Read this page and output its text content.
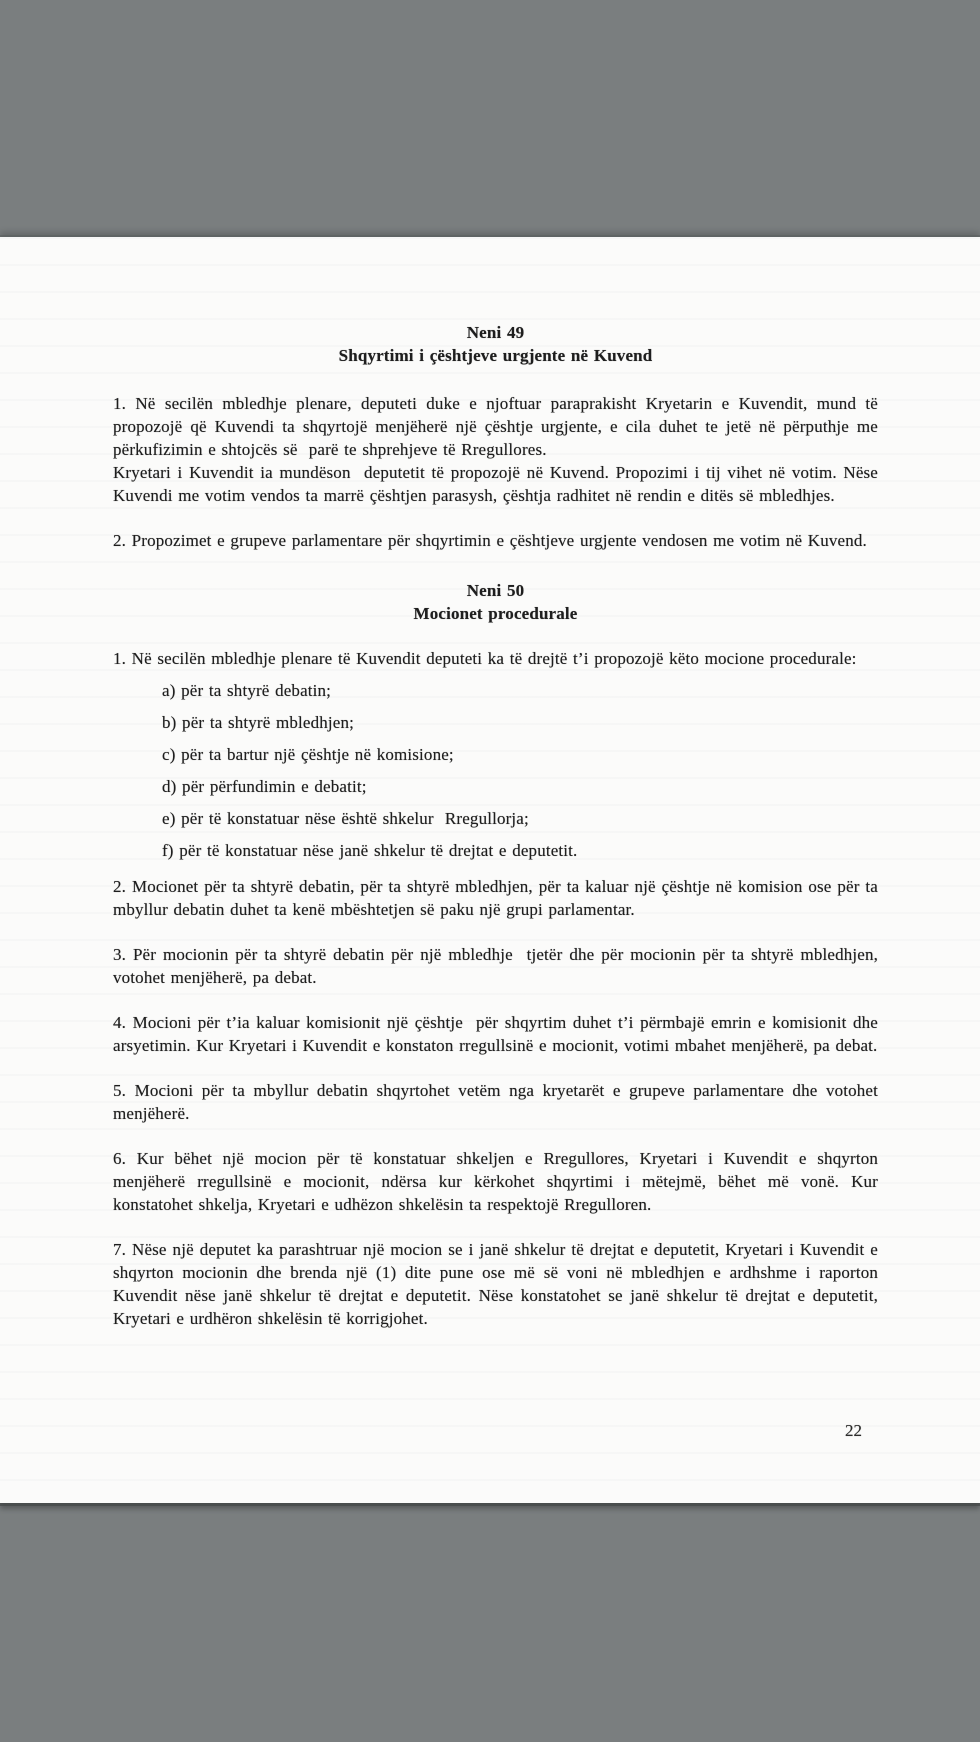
Neni 49
Shqyrtimi i çështjeve urgjente në Kuvend

1. Në secilën mbledhje plenare, deputeti duke e njoftuar paraprakisht Kryetarin e Kuvendit, mund të propozojë që Kuvendi ta shqyrtojë menjëherë një çështje urgjente, e cila duhet te jetë në përputhje me përkufizimin e shtojcës së  parë te shprehjeve të Rregullores.

Kryetari i Kuvendit ia mundëson  deputetit të propozojë në Kuvend. Propozimi i tij vihet në votim. Nëse Kuvendi me votim vendos ta marrë çështjen parasysh, çështja radhitet në rendin e ditës së mbledhjes.

2. Propozimet e grupeve parlamentare për shqyrtimin e çështjeve urgjente vendosen me votim në Kuvend.

Neni 50
Mocionet procedurale

1. Në secilën mbledhje plenare të Kuvendit deputeti ka të drejtë t’i propozojë këto mocione procedurale:

a) për ta shtyrë debatin;

b) për ta shtyrë mbledhjen;

c) për ta bartur një çështje në komisione;

d) për përfundimin e debatit;

e) për të konstatuar nëse është shkelur  Rregullorja;

f) për të konstatuar nëse janë shkelur të drejtat e deputetit.

2. Mocionet për ta shtyrë debatin, për ta shtyrë mbledhjen, për ta kaluar një çështje në komision ose për ta mbyllur debatin duhet ta kenë mbështetjen së paku një grupi parlamentar.

3. Për mocionin për ta shtyrë debatin për një mbledhje  tjetër dhe për mocionin për ta shtyrë mbledhjen, votohet menjëherë, pa debat.

4. Mocioni për t’ia kaluar komisionit një çështje  për shqyrtim duhet t’i përmbajë emrin e komisionit dhe arsyetimin. Kur Kryetari i Kuvendit e konstaton rregullsinë e mocionit, votimi mbahet menjëherë, pa debat.

5. Mocioni për ta mbyllur debatin shqyrtohet vetëm nga kryetarët e grupeve parlamentare dhe votohet menjëherë.

6. Kur bëhet një mocion për të konstatuar shkeljen e Rregullores, Kryetari i Kuvendit e shqyrton menjëherë rregullsinë e mocionit, ndërsa kur kërkohet shqyrtimi i mëtejmë, bëhet më vonë. Kur konstatohet shkelja, Kryetari e udhëzon shkelësin ta respektojë Rregulloren.

7. Nëse një deputet ka parashtruar një mocion se i janë shkelur të drejtat e deputetit, Kryetari i Kuvendit e shqyrton mocionin dhe brenda një (1) dite pune ose më së voni në mbledhjen e ardhshme i raporton Kuvendit nëse janë shkelur të drejtat e deputetit. Nëse konstatohet se janë shkelur të drejtat e deputetit, Kryetari e urdhëron shkelësin të korrigjohet.

22
